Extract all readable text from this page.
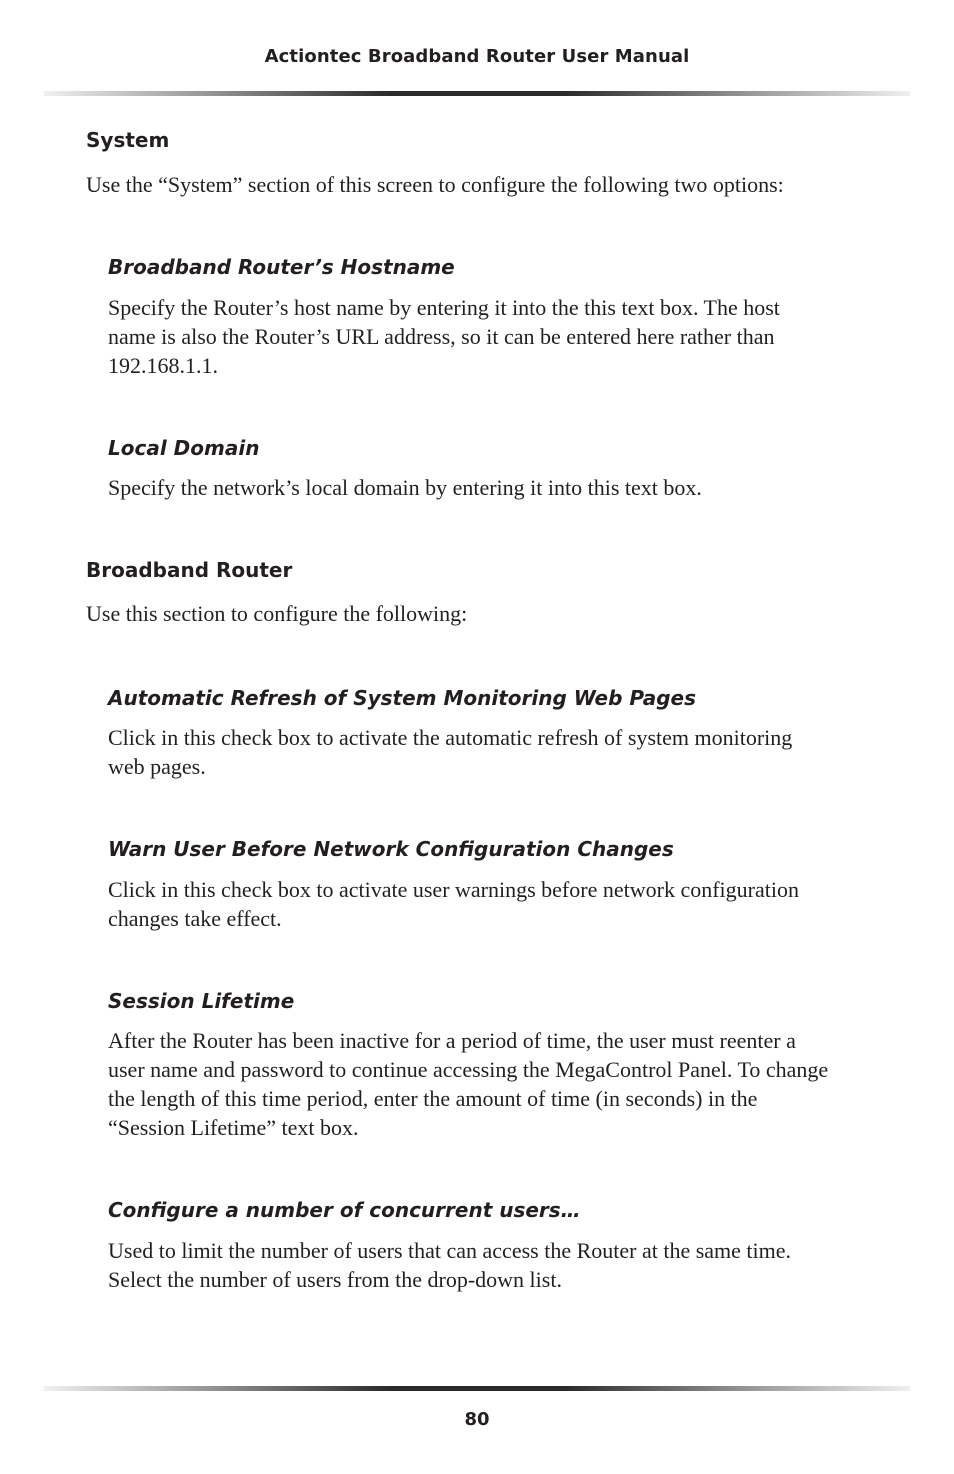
Actiontec Broadband Router User Manual
System

Use the “System” section of this screen to configure the following two options:

Broadband Router’s Hostname
Specify the Router’s host name by entering it into the this text box. The host
name is also the Router’s URL address, so it can be entered here rather than
192.168.1.1.
Local Domain
Specify the network’s local domain by entering it into this text box.
Broadband Router

Use this section to configure the following:

Automatic Refresh of System Monitoring Web Pages
Click in this check box to activate the automatic refresh of system monitoring
web pages.
Warn User Before Network Configuration Changes
Click in this check box to activate user warnings before network configuration
changes take effect.
Session Lifetime
After the Router has been inactive for a period of time, the user must reenter a
user name and password to continue accessing the MegaControl Panel. To change
the length of this time period, enter the amount of time (in seconds) in the
“Session Lifetime” text box.
Configure a number of concurrent users…
Used to limit the number of users that can access the Router at the same time.
Select the number of users from the drop-down list.
80
